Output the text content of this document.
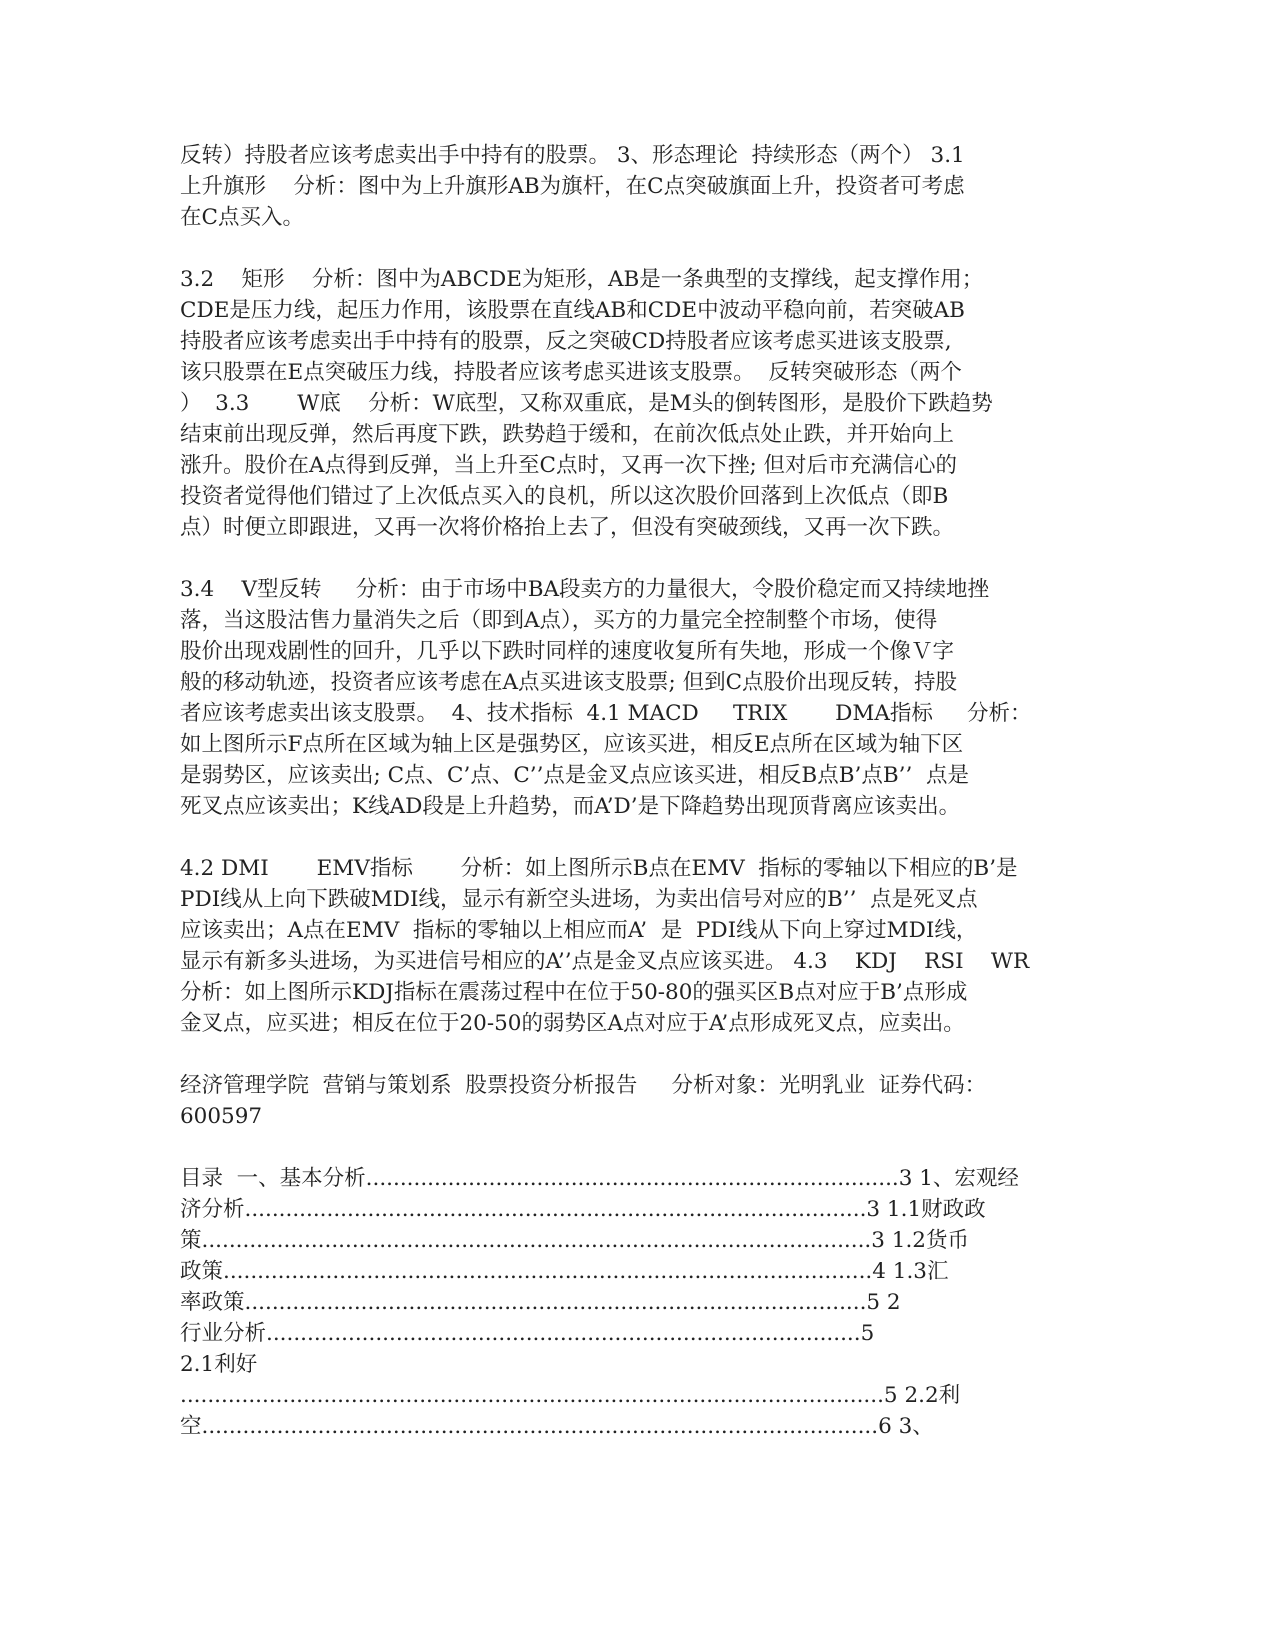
反转）持股者应该考虑卖出手中持有的股票。 3、形态理论  持续形态（两个） 3.1
上升旗形    分析：图中为上升旗形AB为旗杆，在C点突破旗面上升，投资者可考虑
在C点买入。
3.2    矩形    分析：图中为ABCDE为矩形，AB是一条典型的支撑线，起支撑作用；
CDE是压力线，起压力作用，该股票在直线AB和CDE中波动平稳向前，若突破AB
持股者应该考虑卖出手中持有的股票，反之突破CD持股者应该考虑买进该支股票,
该只股票在E点突破压力线，持股者应该考虑买进该支股票。  反转突破形态（两个
）  3.3       W底    分析：W底型，又称双重底，是M头的倒转图形，是股价下跌趋势
结束前出现反弹，然后再度下跌，跌势趋于缓和，在前次低点处止跌，并开始向上
涨升。股价在A点得到反弹，当上升至C点时，又再一次下挫; 但对后市充满信心的
投资者觉得他们错过了上次低点买入的良机，所以这次股价回落到上次低点（即B
点）时便立即跟进，又再一次将价格抬上去了，但没有突破颈线，又再一次下跌。
3.4    V型反转     分析：由于市场中BA段卖方的力量很大，令股价稳定而又持续地挫
落，当这股沽售力量消失之后（即到A点），买方的力量完全控制整个市场，使得
股价出现戏剧性的回升，几乎以下跌时同样的速度收复所有失地，形成一个像Ｖ字
般的移动轨迹，投资者应该考虑在A点买进该支股票; 但到C点股价出现反转，持股
者应该考虑卖出该支股票。  4、技术指标  4.1 MACD     TRIX       DMA指标     分析：
如上图所示F点所在区域为轴上区是强势区，应该买进，相反E点所在区域为轴下区
是弱势区，应该卖出; C点、C’点、C’’点是金叉点应该买进，相反B点B’点B’’  点是
死叉点应该卖出；K线AD段是上升趋势，而A’D’是下降趋势出现顶背离应该卖出。
4.2 DMI       EMV指标       分析：如上图所示B点在EMV  指标的零轴以下相应的B’是
PDI线从上向下跌破MDI线，显示有新空头进场，为卖出信号对应的B’’  点是死叉点
应该卖出；A点在EMV  指标的零轴以上相应而A’  是  PDI线从下向上穿过MDI线，
显示有新多头进场，为买进信号相应的A’’点是金叉点应该买进。 4.3    KDJ    RSI    WR
分析：如上图所示KDJ指标在震荡过程中在位于50-80的强买区B点对应于B’点形成
金叉点，应买进；相反在位于20-50的弱势区A点对应于A’点形成死叉点，应卖出。
经济管理学院  营销与策划系  股票投资分析报告     分析对象：光明乳业  证券代码：
600597
目录  一、基本分析..............................................................................3 1、宏观经
济分析...........................................................................................3 1.1财政政
策..................................................................................................3 1.2货币
政策...............................................................................................4 1.3汇
率政策...........................................................................................5 2
行业分析.......................................................................................5
2.1利好
.......................................................................................................5 2.2利
空...................................................................................................6 3、
